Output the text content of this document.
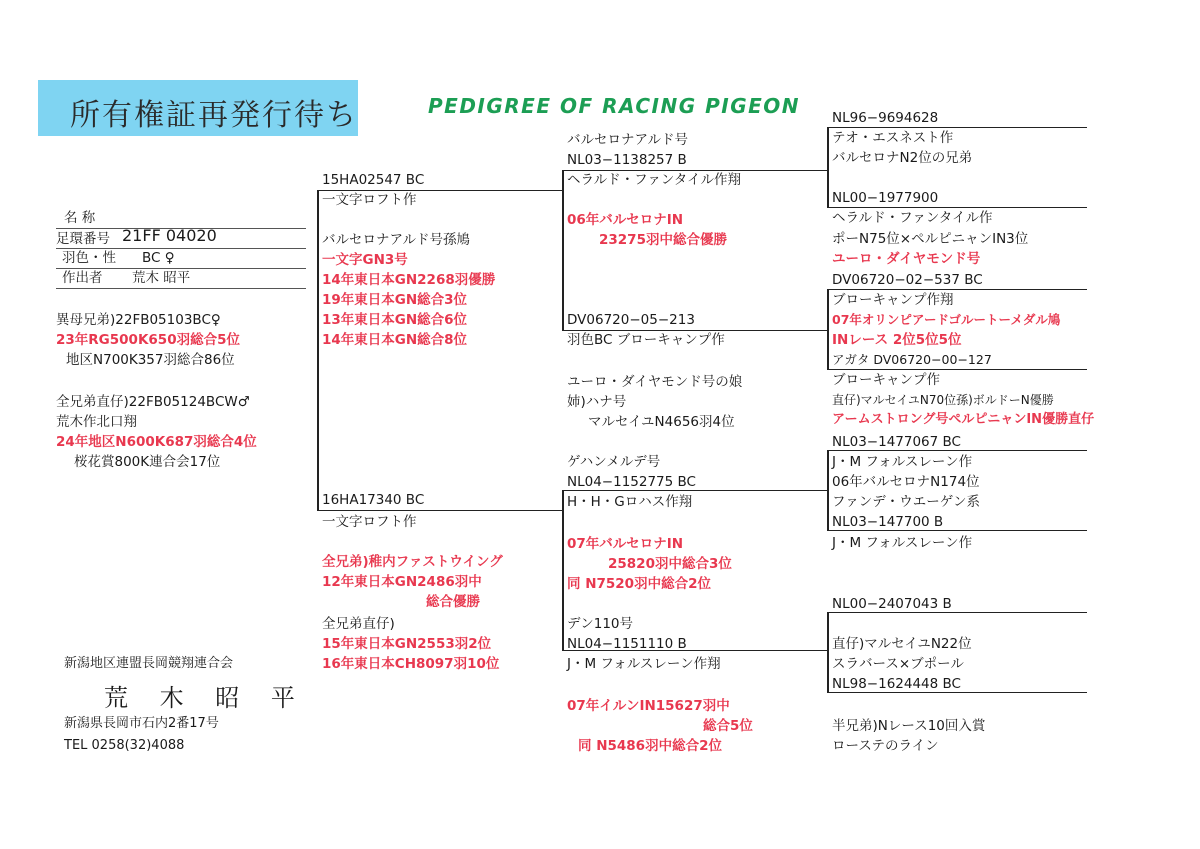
所有権証再発行待ち	PEDIGREE OF RACING PIGEON
名 称
足環番号 21FF 04020
羽色・性 BC ♀
作出者 荒木 昭平
異母兄弟)22FB05103BC♀
23年RG500K650羽総合5位
地区N700K357羽総合86位
全兄弟直仔)22FB05124BCW♂
荒木作北口翔
24年地区N600K687羽総合4位
桜花賞800K連合会17位
新潟地区連盟長岡競翔連合会
荒 木 昭 平
新潟県長岡市石内2番17号
TEL 0258(32)4088
15HA02547 BC
一文字ロフト作
バルセロナアルド号孫鳩
一文字GN3号
14年東日本GN2268羽優勝
19年東日本GN総合3位
13年東日本GN総合6位
14年東日本GN総合8位
16HA17340 BC
一文字ロフト作
全兄弟)稚内ファストウイング
12年東日本GN2486羽中
総合優勝
全兄弟直仔)
15年東日本GN2553羽2位
16年東日本CH8097羽10位
バルセロナアルド号
NL03−1138257 B
ヘラルド・ファンタイル作翔
06年バルセロナIN
23275羽中総合優勝
DV06720−05−213
羽色BC ブローキャンプ作
ユーロ・ダイヤモンド号の娘
姉)ハナ号
マルセイユN4656羽4位
ゲハンメルデ号
NL04−1152775 BC
H・H・Gロハス作翔
07年バルセロナIN
25820羽中総合3位
同 N7520羽中総合2位
デン110号
NL04−1151110 B
J・M フォルスレーン作翔
07年イルンIN15627羽中
総合5位
同 N5486羽中総合2位
NL96−9694628
テオ・エスネスト作
バルセロナN2位の兄弟
NL00−1977900
ヘラルド・ファンタイル作
ポーN75位×ペルピニャンIN3位
ユーロ・ダイヤモンド号
DV06720−02−537 BC
ブローキャンプ作翔
07年オリンピアードゴルートーメダル鳩
INレース 2位5位5位
アガタ DV06720−00−127
ブローキャンプ作
直仔)マルセイユN70位孫)ボルドーN優勝
アームストロング号ペルピニャンIN優勝直仔
NL03−1477067 BC
J・M フォルスレーン作
06年バルセロナN174位
ファンデ・ウエーゲン系
NL03−147700 B
J・M フォルスレーン作
NL00−2407043 B
直仔)マルセイユN22位
スラバース×ブポール
NL98−1624448 BC
半兄弟)Nレース10回入賞
ローステのライン
